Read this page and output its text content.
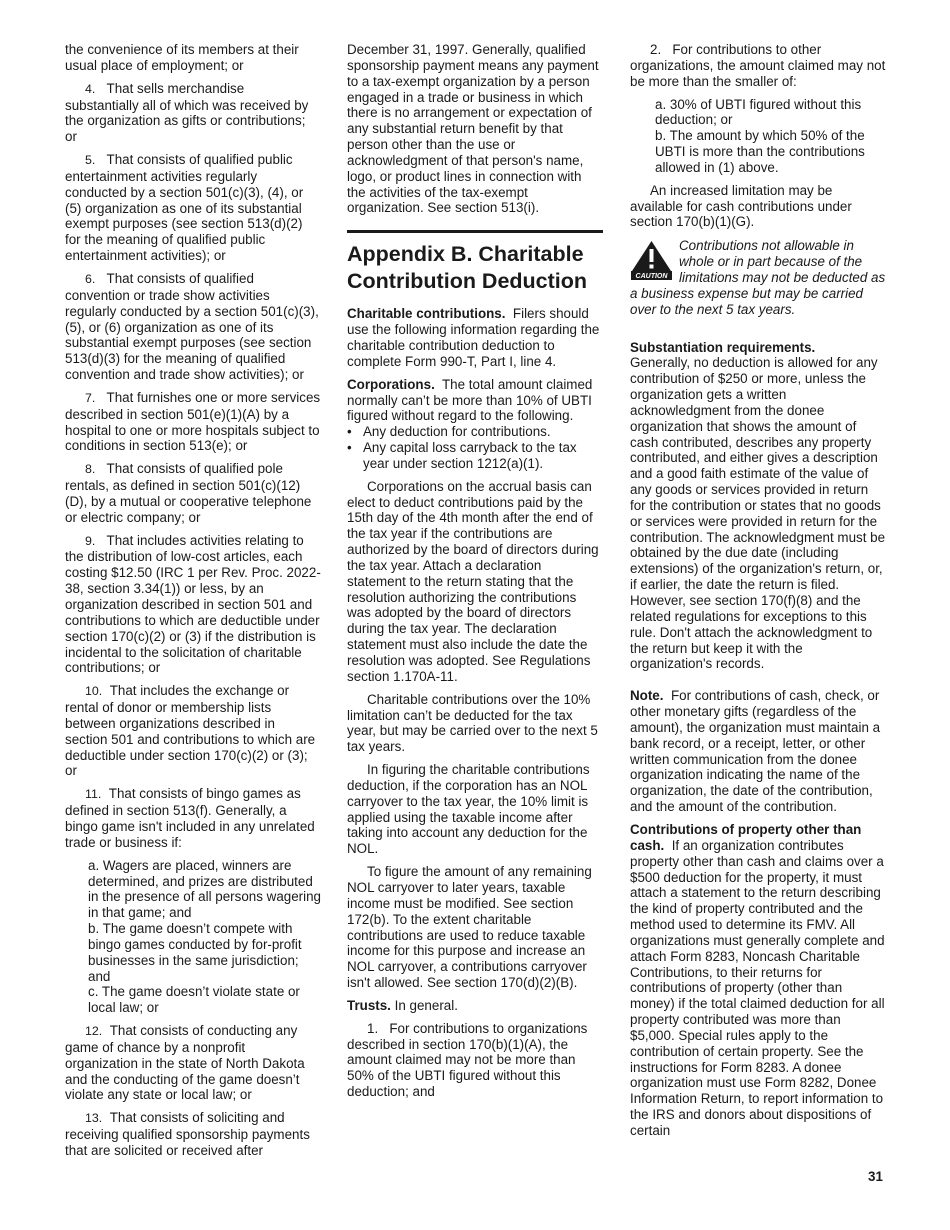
the convenience of its members at their usual place of employment; or

4. That sells merchandise substantially all of which was received by the organization as gifts or contributions; or

5. That consists of qualified public entertainment activities regularly conducted by a section 501(c)(3), (4), or (5) organization as one of its substantial exempt purposes (see section 513(d)(2) for the meaning of qualified public entertainment activities); or

6. That consists of qualified convention or trade show activities regularly conducted by a section 501(c)(3), (5), or (6) organization as one of its substantial exempt purposes (see section 513(d)(3) for the meaning of qualified convention and trade show activities); or

7. That furnishes one or more services described in section 501(e)(1)(A) by a hospital to one or more hospitals subject to conditions in section 513(e); or

8. That consists of qualified pole rentals, as defined in section 501(c)(12)(D), by a mutual or cooperative telephone or electric company; or

9. That includes activities relating to the distribution of low-cost articles, each costing $12.50 (IRC 1 per Rev. Proc. 2022-38, section 3.34(1)) or less, by an organization described in section 501 and contributions to which are deductible under section 170(c)(2) or (3) if the distribution is incidental to the solicitation of charitable contributions; or

10. That includes the exchange or rental of donor or membership lists between organizations described in section 501 and contributions to which are deductible under section 170(c)(2) or (3); or

11. That consists of bingo games as defined in section 513(f). Generally, a bingo game isn't included in any unrelated trade or business if:

a. Wagers are placed, winners are determined, and prizes are distributed in the presence of all persons wagering in that game; and

b. The game doesn’t compete with bingo games conducted by for-profit businesses in the same jurisdiction; and

c. The game doesn’t violate state or local law; or

12. That consists of conducting any game of chance by a nonprofit organization in the state of North Dakota and the conducting of the game doesn’t violate any state or local law; or

13. That consists of soliciting and receiving qualified sponsorship payments that are solicited or received after

December 31, 1997. Generally, qualified sponsorship payment means any payment to a tax-exempt organization by a person engaged in a trade or business in which there is no arrangement or expectation of any substantial return benefit by that person other than the use or acknowledgment of that person's name, logo, or product lines in connection with the activities of the tax-exempt organization. See section 513(i).

Appendix B. Charitable Contribution Deduction

Charitable contributions. Filers should use the following information regarding the charitable contribution deduction to complete Form 990-T, Part I, line 4.

Corporations. The total amount claimed normally can’t be more than 10% of UBTI figured without regard to the following.

• Any deduction for contributions.

• Any capital loss carryback to the tax year under section 1212(a)(1).

Corporations on the accrual basis can elect to deduct contributions paid by the 15th day of the 4th month after the end of the tax year if the contributions are authorized by the board of directors during the tax year. Attach a declaration statement to the return stating that the resolution authorizing the contributions was adopted by the board of directors during the tax year. The declaration statement must also include the date the resolution was adopted. See Regulations section 1.170A-11.

Charitable contributions over the 10% limitation can’t be deducted for the tax year, but may be carried over to the next 5 tax years.

In figuring the charitable contributions deduction, if the corporation has an NOL carryover to the tax year, the 10% limit is applied using the taxable income after taking into account any deduction for the NOL.

To figure the amount of any remaining NOL carryover to later years, taxable income must be modified. See section 172(b). To the extent charitable contributions are used to reduce taxable income for this purpose and increase an NOL carryover, a contributions carryover isn't allowed. See section 170(d)(2)(B).

Trusts. In general.

1. For contributions to organizations described in section 170(b)(1)(A), the amount claimed may not be more than 50% of the UBTI figured without this deduction; and

2. For contributions to other organizations, the amount claimed may not be more than the smaller of:

a. 30% of UBTI figured without this deduction; or

b. The amount by which 50% of the UBTI is more than the contributions allowed in (1) above.

An increased limitation may be available for cash contributions under section 170(b)(1)(G).

CAUTION
Contributions not allowable in whole or in part because of the limitations may not be deducted as a business expense but may be carried over to the next 5 tax years.

Substantiation requirements.
Generally, no deduction is allowed for any contribution of $250 or more, unless the organization gets a written acknowledgment from the donee organization that shows the amount of cash contributed, describes any property contributed, and either gives a description and a good faith estimate of the value of any goods or services provided in return for the contribution or states that no goods or services were provided in return for the contribution. The acknowledgment must be obtained by the due date (including extensions) of the organization's return, or, if earlier, the date the return is filed. However, see section 170(f)(8) and the related regulations for exceptions to this rule. Don't attach the acknowledgment to the return but keep it with the organization's records.

Note. For contributions of cash, check, or other monetary gifts (regardless of the amount), the organization must maintain a bank record, or a receipt, letter, or other written communication from the donee organization indicating the name of the organization, the date of the contribution, and the amount of the contribution.

Contributions of property other than cash. If an organization contributes property other than cash and claims over a $500 deduction for the property, it must attach a statement to the return describing the kind of property contributed and the method used to determine its FMV. All organizations must generally complete and attach Form 8283, Noncash Charitable Contributions, to their returns for contributions of property (other than money) if the total claimed deduction for all property contributed was more than $5,000. Special rules apply to the contribution of certain property. See the instructions for Form 8283. A donee organization must use Form 8282, Donee Information Return, to report information to the IRS and donors about dispositions of certain

31
